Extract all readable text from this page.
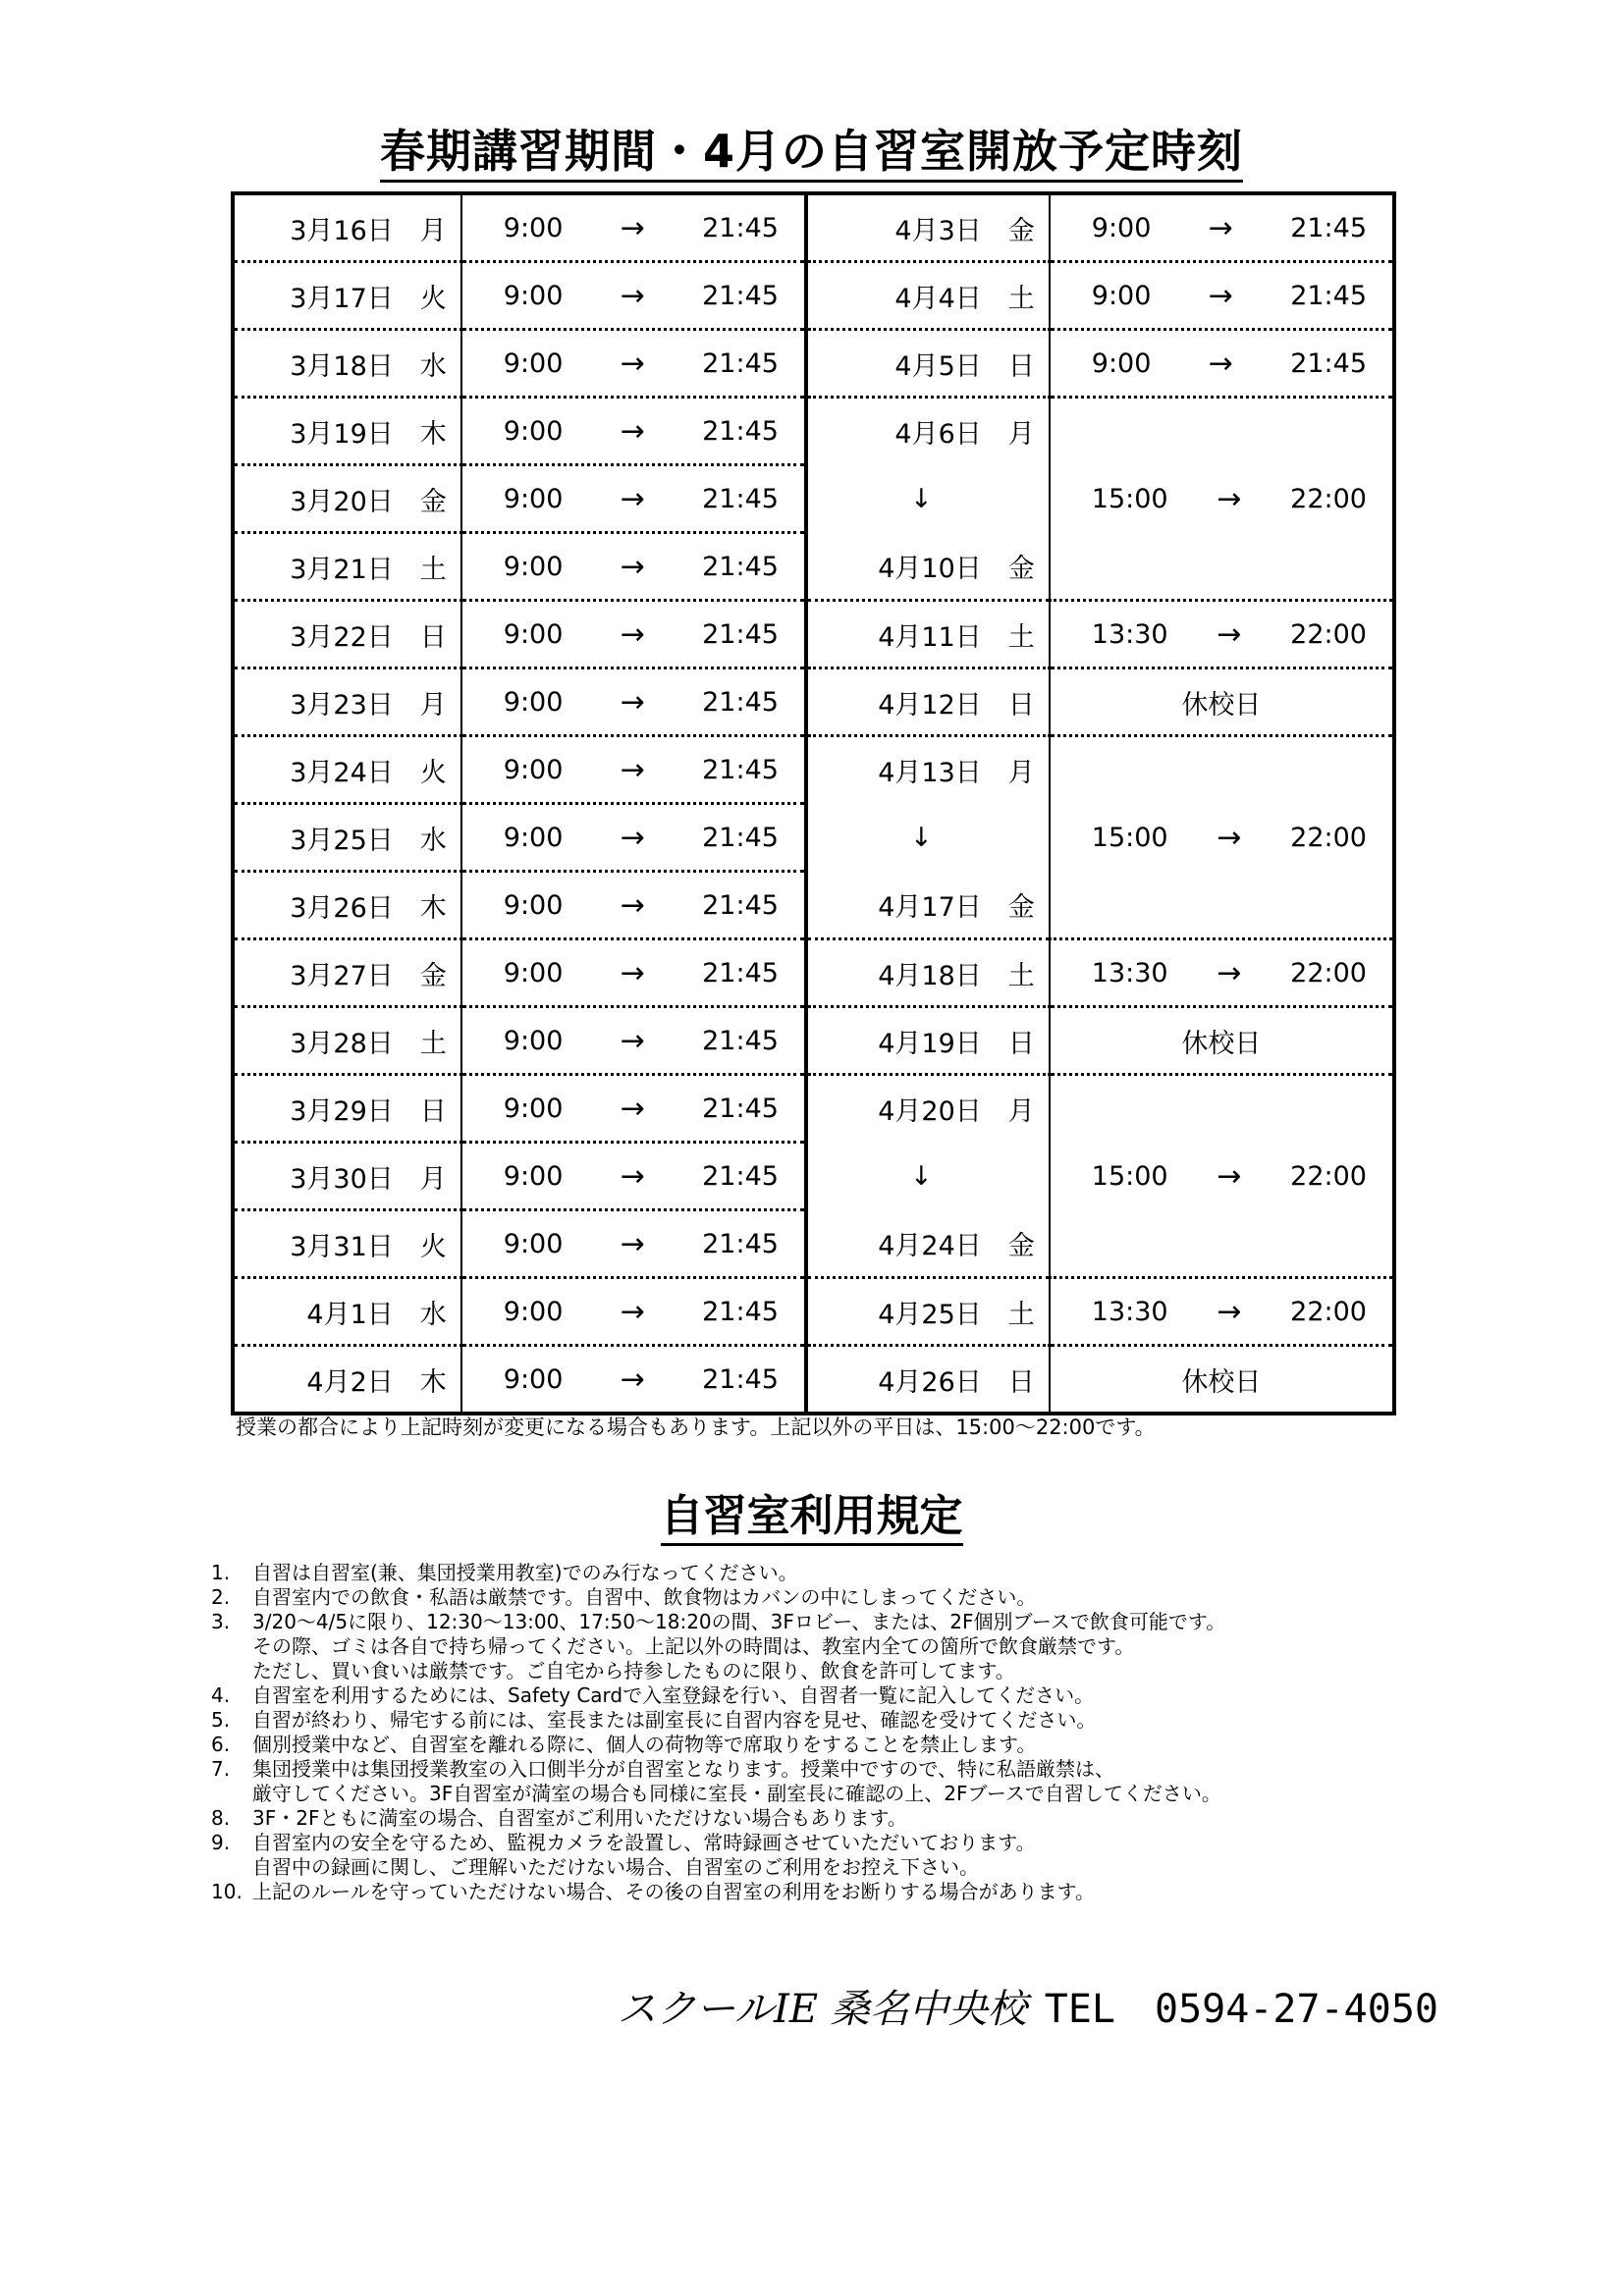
春期講習期間・4月の自習室開放予定時刻
3月16日  月	9:00 → 21:45	4月3日  金	9:00 → 21:45

3月17日  火	9:00 → 21:45	4月4日  土	9:00 → 21:45

3月18日  水	9:00 → 21:45	4月5日  日	9:00 → 21:45

3月19日  木	9:00 → 21:45	4月6日  月	15:00 → 22:00

3月20日  金	9:00 → 21:45	↓	
3月21日  土	9:00 → 21:45	4月10日  金	
3月22日  日	9:00 → 21:45	4月11日  土	13:30 → 22:00

3月23日  月	9:00 → 21:45	4月12日  日	休校日
3月24日  火	9:00 → 21:45	4月13日  月	15:00 → 22:00

3月25日  水	9:00 → 21:45	↓	
3月26日  木	9:00 → 21:45	4月17日  金	
3月27日  金	9:00 → 21:45	4月18日  土	13:30 → 22:00

3月28日  土	9:00 → 21:45	4月19日  日	休校日
3月29日  日	9:00 → 21:45	4月20日  月	15:00 → 22:00

3月30日  月	9:00 → 21:45	↓	
3月31日  火	9:00 → 21:45	4月24日  金	
4月1日  水	9:00 → 21:45	4月25日  土	13:30 → 22:00

4月2日  木	9:00 → 21:45	4月26日  日	休校日
授業の都合により上記時刻が変更になる場合もあります。上記以外の平日は、15:00～22:00です。
自習室利用規定
1.	自習は自習室(兼、集団授業用教室)でのみ行なってください。
2.	自習室内での飲食・私語は厳禁です。自習中、飲食物はカバンの中にしまってください。
3.	3/20～4/5に限り、12:30～13:00、17:50～18:20の間、3Fロビー、または、2F個別ブースで飲食可能です。
その際、ゴミは各自で持ち帰ってください。上記以外の時間は、教室内全ての箇所で飲食厳禁です。
ただし、買い食いは厳禁です。ご自宅から持参したものに限り、飲食を許可してます。
4.	自習室を利用するためには、Safety Cardで入室登録を行い、自習者一覧に記入してください。
5.	自習が終わり、帰宅する前には、室長または副室長に自習内容を見せ、確認を受けてください。
6.	個別授業中など、自習室を離れる際に、個人の荷物等で席取りをすることを禁止します。
7.	集団授業中は集団授業教室の入口側半分が自習室となります。授業中ですので、特に私語厳禁は、
厳守してください。3F自習室が満室の場合も同様に室長・副室長に確認の上、2Fブースで自習してください。
8.	3F・2Fともに満室の場合、自習室がご利用いただけない場合もあります。
9.	自習室内の安全を守るため、監視カメラを設置し、常時録画させていただいております。
自習中の録画に関し、ご理解いただけない場合、自習室のご利用をお控え下さい。
10. 上記のルールを守っていただけない場合、その後の自習室の利用をお断りする場合があります。
スクールIE 桑名中央校 TEL　0594-27-4050
